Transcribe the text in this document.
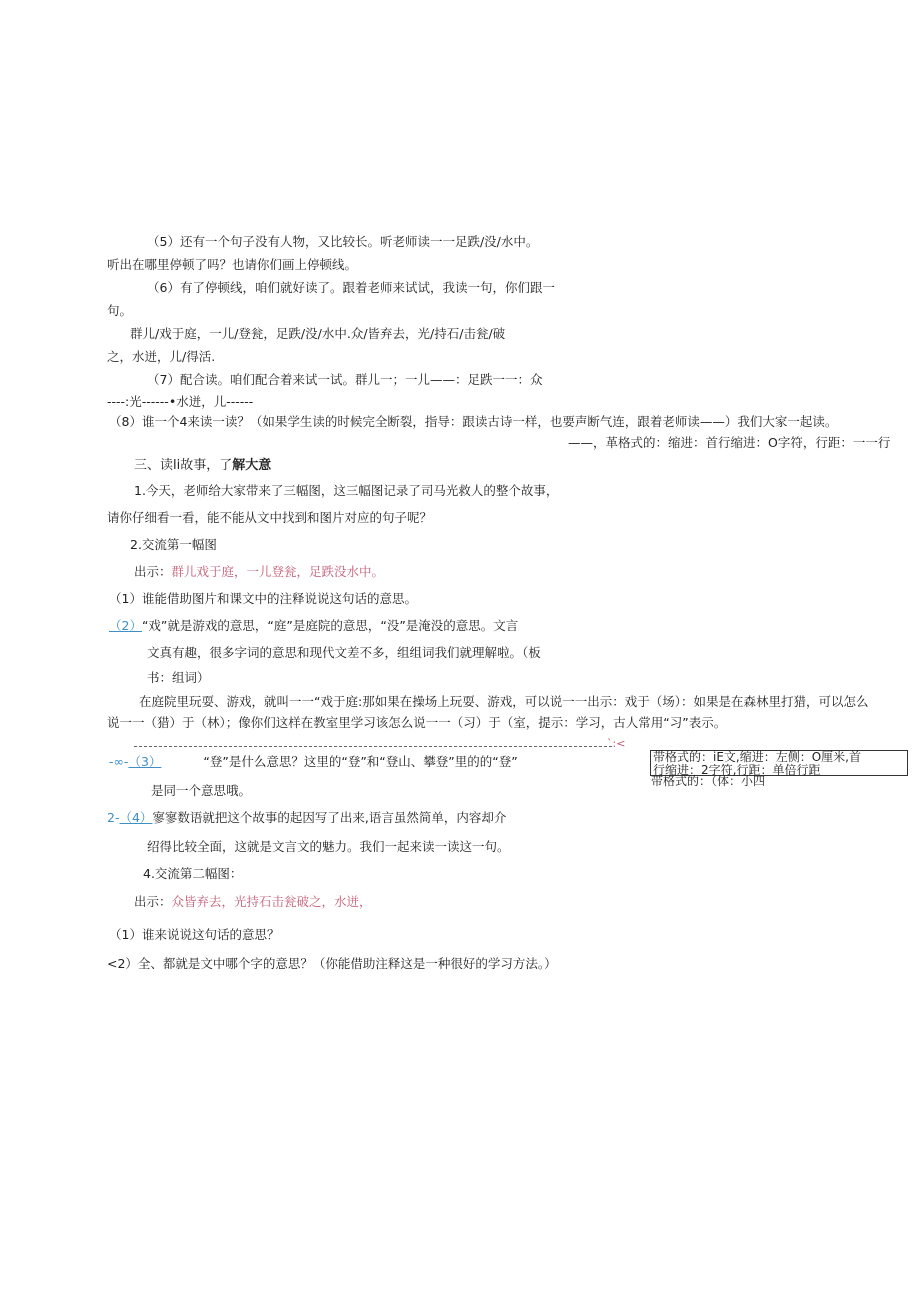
（5）还有一个句子没有人物，又比较长。听老师读一一足跌/没/水中。
听出在哪里停顿了吗？也请你们画上停顿线。
（6）有了停顿线，咱们就好读了。跟着老师来试试，我读一句，你们跟一
句。
群儿/戏于庭，一儿/登瓮，足跌/没/水中.众/皆弃去，光/持石/击瓮/破
之，水迸，儿/得活.
（7）配合读。咱们配合着来试一试。群儿一；一儿——：足跌一一：众
----:光------•水迸，儿------
（8）谁一个4来读一读？（如果学生读的时候完全断裂，指导：跟读古诗一样，也要声断气连，跟着老师读——）我们大家一起读。
——，革格式的：缩进：首行缩进：O字符，行距：一一行
三、读li故事，了解大意
1.今天，老师给大家带来了三幅图，这三幅图记录了司马光救人的整个故事，
请你仔细看一看，能不能从文中找到和图片对应的句子呢？
2.交流第一幅图
出示：群儿戏于庭，一儿登瓮，足跌没水中。
（1）谁能借助图片和课文中的注释说说这句话的意思。
（2）“戏”就是游戏的意思，“庭”是庭院的意思，“没”是淹没的意思。文言
文真有趣，很多字词的意思和现代文差不多，组组词我们就理解啦。（板
书：组词）
在庭院里玩耍、游戏，就叫一一“戏于庭:那如果在操场上玩耍、游戏，可以说一一出示：戏于（场）：如果是在森林里打猎，可以怎么
说一一（猎）于（林）；像你们这样在教室里学习该怎么说一一（习）于（室，提示：学习，古人常用“习”表示。
`:<
-∞-（3）	“登”是什么意思？这里的“登”和“登山、攀登”里的的“登”
是同一个意思哦。
带格式的：iE文,缩进：左侧：O厘米,首
行缩进：2字符,行距：单倍行距
带格式的：（体：小四
2-（4）寥寥数语就把这个故事的起因写了出来,语言虽然简单，内容却介
绍得比较全面，这就是文言文的魅力。我们一起来读一读这一句。
4.交流第二幅图：
出示：众皆弃去，光持石击瓮破之，水迸，
（1）谁来说说这句话的意思？
<2）全、都就是文中哪个字的意思？（你能借助注释这是一种很好的学习方法。）
